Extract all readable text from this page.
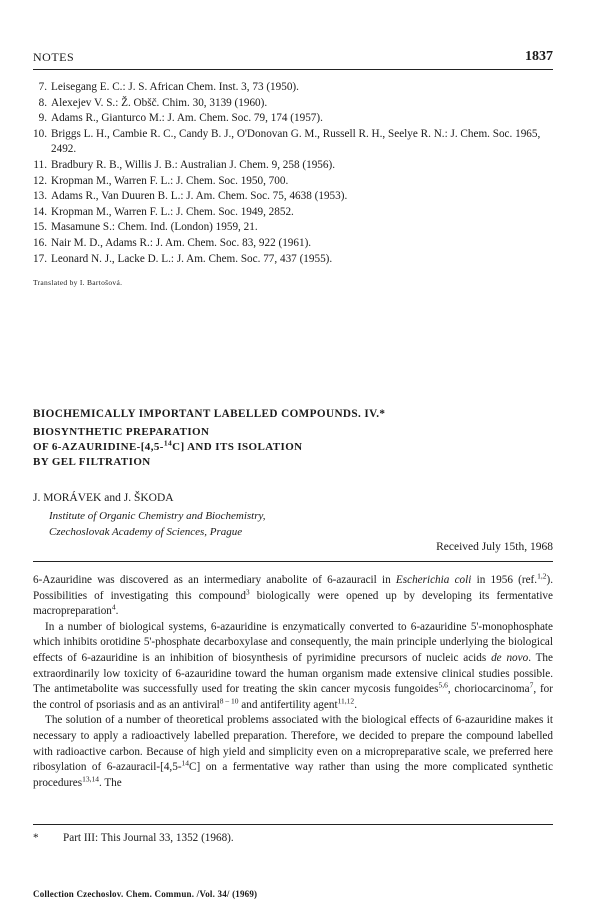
NOTES	1837
7. Leisegang E. C.: J. S. African Chem. Inst. 3, 73 (1950).
8. Alexejev V. S.: Ž. Obšč. Chim. 30, 3139 (1960).
9. Adams R., Gianturco M.: J. Am. Chem. Soc. 79, 174 (1957).
10. Briggs L. H., Cambie R. C., Candy B. J., O'Donovan G. M., Russell R. H., Seelye R. N.: J. Chem. Soc. 1965, 2492.
11. Bradbury R. B., Willis J. B.: Australian J. Chem. 9, 258 (1956).
12. Kropman M., Warren F. L.: J. Chem. Soc. 1950, 700.
13. Adams R., Van Duuren B. L.: J. Am. Chem. Soc. 75, 4638 (1953).
14. Kropman M., Warren F. L.: J. Chem. Soc. 1949, 2852.
15. Masamune S.: Chem. Ind. (London) 1959, 21.
16. Nair M. D., Adams R.: J. Am. Chem. Soc. 83, 922 (1961).
17. Leonard N. J., Lacke D. L.: J. Am. Chem. Soc. 77, 437 (1955).
Translated by I. Bartošová.
BIOCHEMICALLY IMPORTANT LABELLED COMPOUNDS. IV.*
BIOSYNTHETIC PREPARATION
OF 6-AZAURIDINE-[4,5-$^{14}$C] AND ITS ISOLATION
BY GEL FILTRATION
J. MORÁVEK and J. ŠKODA
Institute of Organic Chemistry and Biochemistry,
Czechoslovak Academy of Sciences, Prague
Received July 15th, 1968

6-Azauridine was discovered as an intermediary anabolite of 6-azauracil in Escherichia coli in 1956 (ref.$^{1,2}$). Possibilities of investigating this compound$^3$ biologically were opened up by developing its fermentative macropreparation$^4$.

In a number of biological systems, 6-azauridine is enzymatically converted to 6-azauridine 5'-monophosphate which inhibits orotidine 5'-phosphate decarboxylase and consequently, the main principle underlying the biological effects of 6-azauridine is an inhibition of biosynthesis of pyrimidine precursors of nucleic acids de novo. The extraordinarily low toxicity of 6-azauridine toward the human organism made extensive clinical studies possible. The antimetabolite was successfully used for treating the skin cancer mycosis fungoides$^{5,6}$, choriocarcinoma$^7$, for the control of psoriasis and as an antiviral$^{8 - 10}$ and antifertility agent$^{11,12}$.

The solution of a number of theoretical problems associated with the biological effects of 6-azauridine makes it necessary to apply a radioactively labelled preparation. Therefore, we decided to prepare the compound labelled with radioactive carbon. Because of high yield and simplicity even on a micropreparative scale, we preferred here ribosylation of 6-azauracil-[4,5-$^{14}$C] on a fermentative way rather than using the more complicated synthetic procedures$^{13,14}$. The

* Part III: This Journal 33, 1352 (1968).
Collection Czechoslov. Chem. Commun. /Vol. 34/ (1969)
